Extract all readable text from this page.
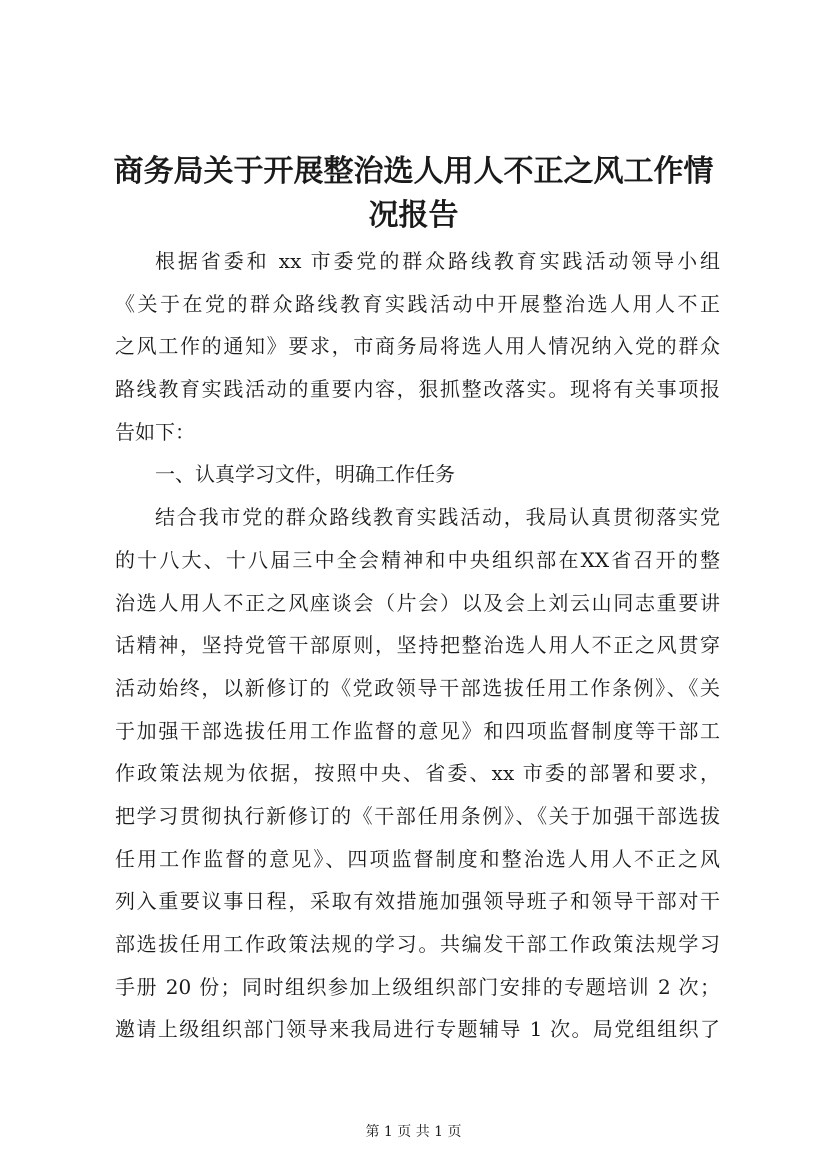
商务局关于开展整治选人用人不正之风工作情
况报告
根据省委和 xx 市委党的群众路线教育实践活动领导小组
《关于在党的群众路线教育实践活动中开展整治选人用人不正
之风工作的通知》要求，市商务局将选人用人情况纳入党的群众
路线教育实践活动的重要内容，狠抓整改落实。现将有关事项报
告如下：
一、认真学习文件，明确工作任务
结合我市党的群众路线教育实践活动，我局认真贯彻落实党
的十八大、十八届三中全会精神和中央组织部在XX省召开的整
治选人用人不正之风座谈会（片会）以及会上刘云山同志重要讲
话精神，坚持党管干部原则，坚持把整治选人用人不正之风贯穿
活动始终，以新修订的《党政领导干部选拔任用工作条例》、《关
于加强干部选拔任用工作监督的意见》和四项监督制度等干部工
作政策法规为依据，按照中央、省委、xx 市委的部署和要求，
把学习贯彻执行新修订的《干部任用条例》、《关于加强干部选拔
任用工作监督的意见》、四项监督制度和整治选人用人不正之风
列入重要议事日程，采取有效措施加强领导班子和领导干部对干
部选拔任用工作政策法规的学习。共编发干部工作政策法规学习
手册 20 份；同时组织参加上级组织部门安排的专题培训 2 次；
邀请上级组织部门领导来我局进行专题辅导 1 次。局党组组织了
第 1 页 共 1 页
